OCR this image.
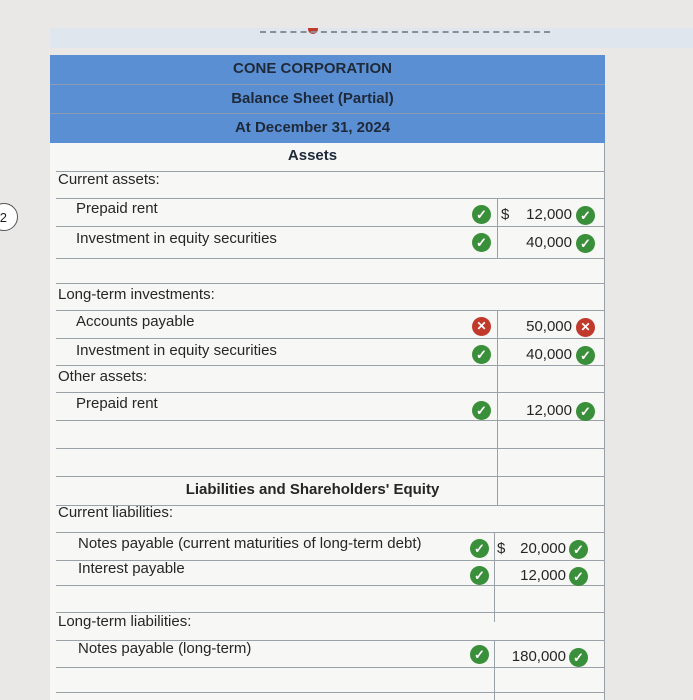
2
CONE CORPORATION
Balance Sheet (Partial)
At December 31, 2024
Assets
Current assets:
Prepaid rent	✓ $	12,000 ✓
Investment in equity securities	✓	40,000 ✓
Long-term investments:
Accounts payable	✕	50,000 ✕
Investment in equity securities	✓	40,000 ✓
Other assets:
Prepaid rent	✓	12,000 ✓
Liabilities and Shareholders' Equity
Current liabilities:
Notes payable (current maturities of long-term debt)	✓ $ 20,000 ✓
Interest payable	✓	12,000 ✓
Long-term liabilities:
Notes payable (long-term)	✓	180,000 ✓
